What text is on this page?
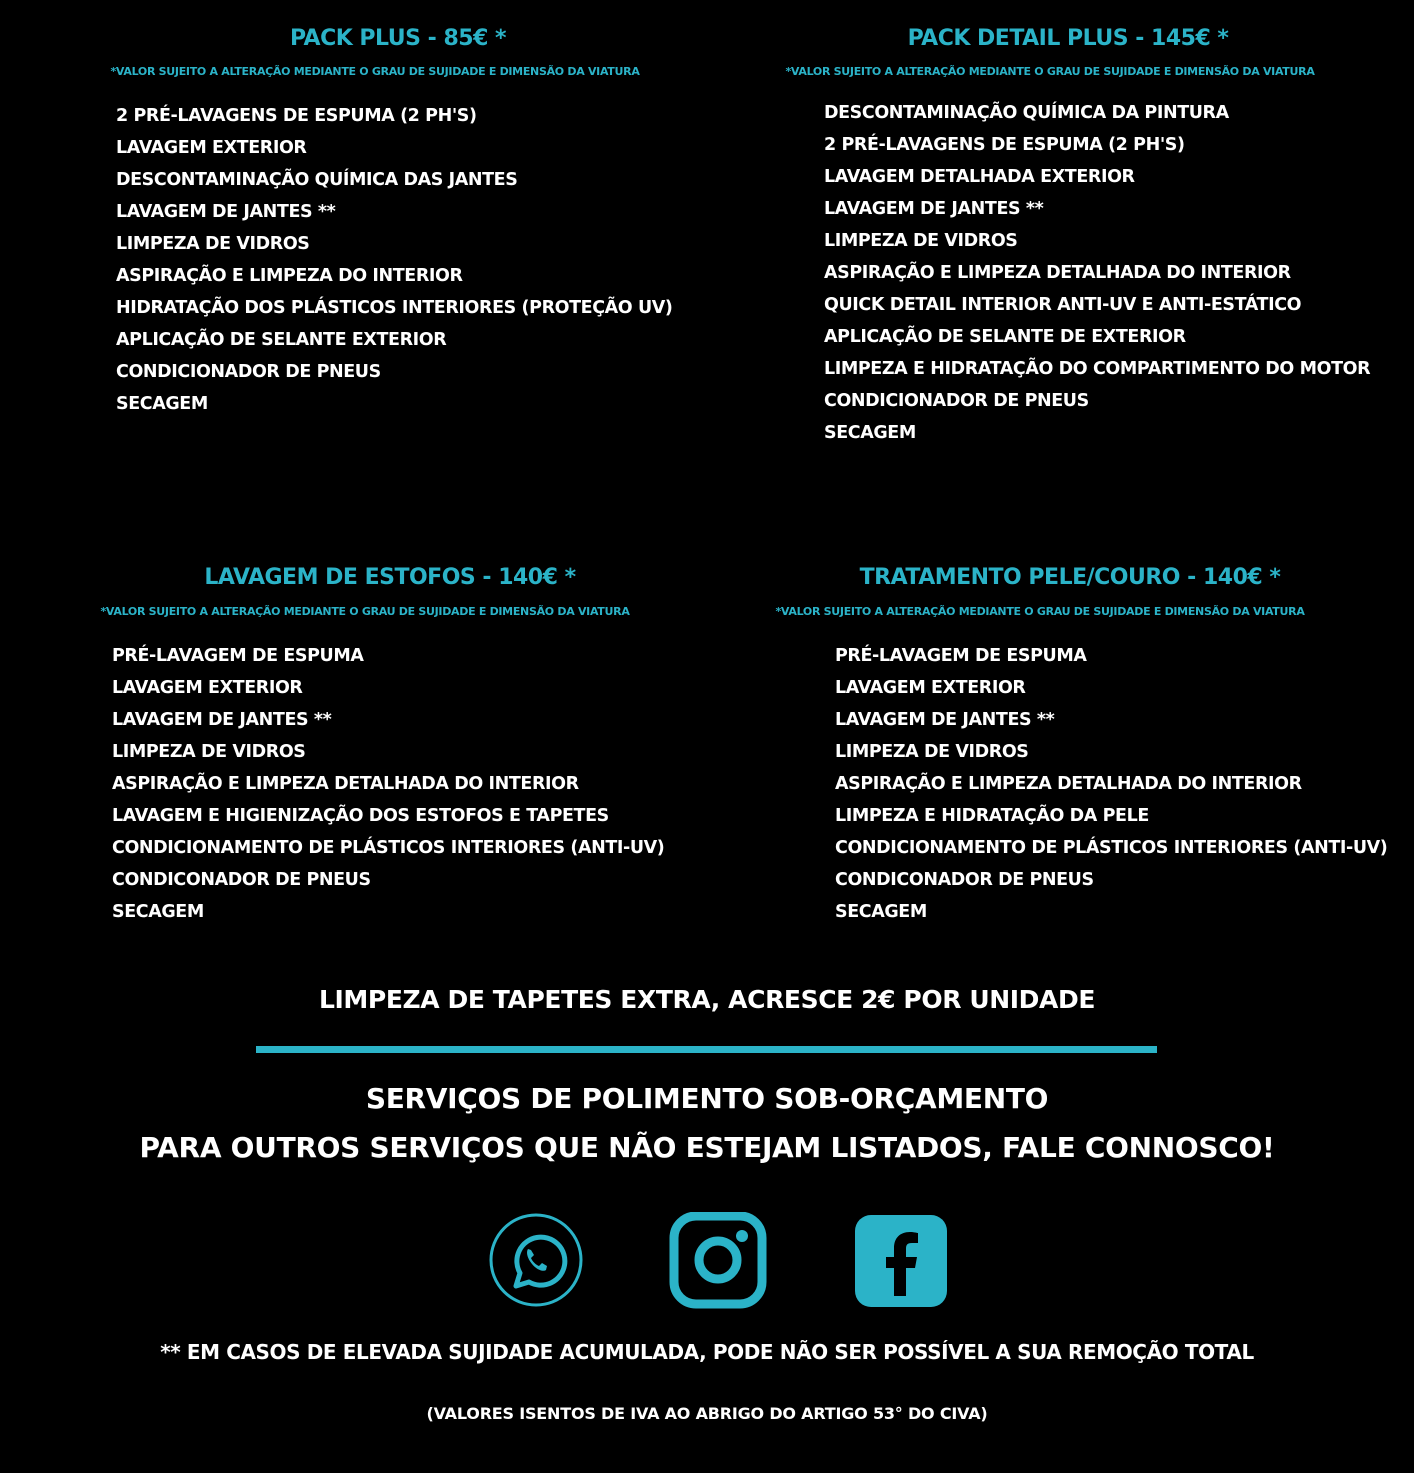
PACK PLUS - 85€ *
*VALOR SUJEITO A ALTERAÇÃO MEDIANTE O GRAU DE SUJIDADE E DIMENSÃO DA VIATURA
2 PRÉ-LAVAGENS DE ESPUMA (2 PH'S)
LAVAGEM EXTERIOR
DESCONTAMINAÇÃO QUÍMICA DAS JANTES
LAVAGEM DE JANTES **
LIMPEZA DE VIDROS
ASPIRAÇÃO E LIMPEZA DO INTERIOR
HIDRATAÇÃO DOS PLÁSTICOS INTERIORES (PROTEÇÃO UV)
APLICAÇÃO DE SELANTE EXTERIOR
CONDICIONADOR DE PNEUS
SECAGEM
PACK DETAIL PLUS - 145€ *
*VALOR SUJEITO A ALTERAÇÃO MEDIANTE O GRAU DE SUJIDADE E DIMENSÃO DA VIATURA
DESCONTAMINAÇÃO QUÍMICA DA PINTURA
2 PRÉ-LAVAGENS DE ESPUMA (2 PH'S)
LAVAGEM DETALHADA EXTERIOR
LAVAGEM DE JANTES **
LIMPEZA DE VIDROS
ASPIRAÇÃO E LIMPEZA DETALHADA DO INTERIOR
QUICK DETAIL INTERIOR ANTI-UV E ANTI-ESTÁTICO
APLICAÇÃO DE SELANTE DE EXTERIOR
LIMPEZA E HIDRATAÇÃO DO COMPARTIMENTO DO MOTOR
CONDICIONADOR DE PNEUS
SECAGEM
LAVAGEM DE ESTOFOS - 140€ *
*VALOR SUJEITO A ALTERAÇÃO MEDIANTE O GRAU DE SUJIDADE E DIMENSÃO DA VIATURA
PRÉ-LAVAGEM DE ESPUMA
LAVAGEM EXTERIOR
LAVAGEM DE JANTES **
LIMPEZA DE VIDROS
ASPIRAÇÃO E LIMPEZA DETALHADA DO INTERIOR
LAVAGEM E HIGIENIZAÇÃO DOS ESTOFOS E TAPETES
CONDICIONAMENTO DE PLÁSTICOS INTERIORES (ANTI-UV)
CONDICONADOR DE PNEUS
SECAGEM
TRATAMENTO PELE/COURO - 140€ *
*VALOR SUJEITO A ALTERAÇÃO MEDIANTE O GRAU DE SUJIDADE E DIMENSÃO DA VIATURA
PRÉ-LAVAGEM DE ESPUMA
LAVAGEM EXTERIOR
LAVAGEM DE JANTES **
LIMPEZA DE VIDROS
ASPIRAÇÃO E LIMPEZA DETALHADA DO INTERIOR
LIMPEZA E HIDRATAÇÃO DA PELE
CONDICIONAMENTO DE PLÁSTICOS INTERIORES (ANTI-UV)
CONDICONADOR DE PNEUS
SECAGEM
LIMPEZA DE TAPETES EXTRA, ACRESCE 2€ POR UNIDADE
SERVIÇOS DE POLIMENTO SOB-ORÇAMENTO
PARA OUTROS SERVIÇOS QUE NÃO ESTEJAM LISTADOS, FALE CONNOSCO!
** EM CASOS DE ELEVADA SUJIDADE ACUMULADA, PODE NÃO SER POSSÍVEL A SUA REMOÇÃO TOTAL
(VALORES ISENTOS DE IVA AO ABRIGO DO ARTIGO 53° DO CIVA)
